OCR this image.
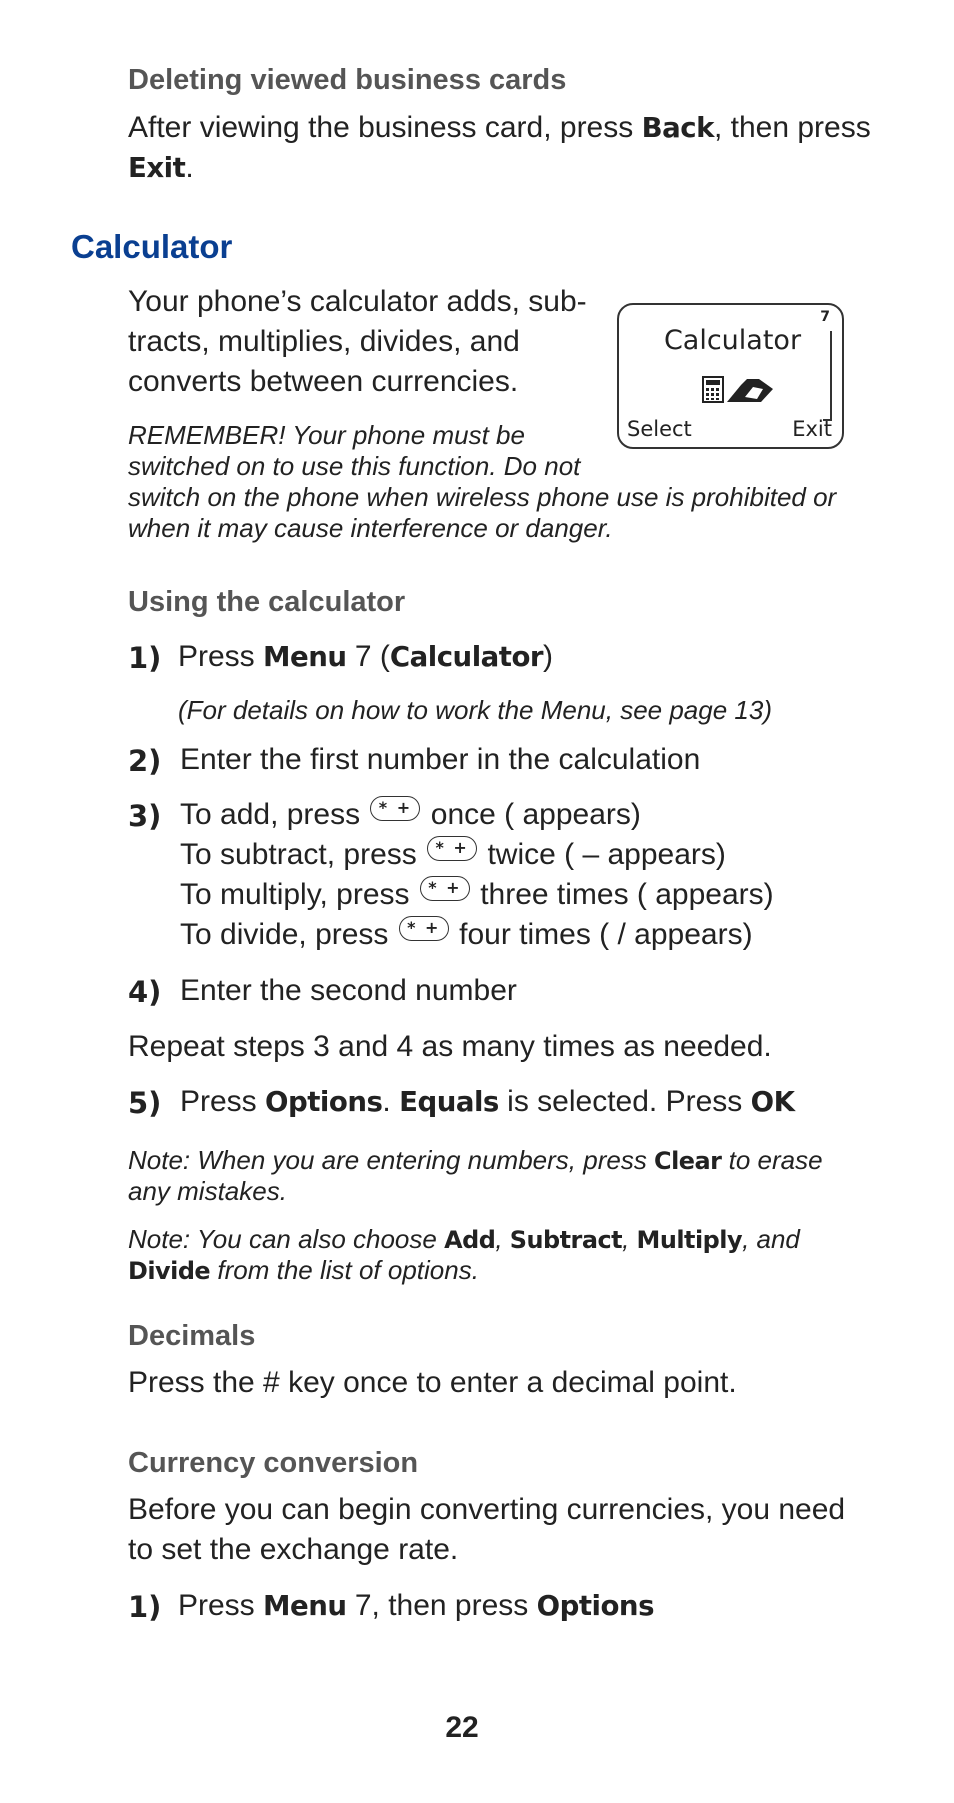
Deleting viewed business cards
After viewing the business card, press Back, then press
Exit.
Calculator
Your phone’s calculator adds, sub-
tracts, multiplies, divides, and
converts between currencies.
7
Calculator
Select	Exit
REMEMBER! Your phone must be
switched on to use this function. Do not
switch on the phone when wireless phone use is prohibited or
when it may cause interference or danger.
Using the calculator
1) Press Menu 7 (Calculator)
(For details on how to work the Menu, see page 13)
2) Enter the first number in the calculation
3) To add, press * + once ( appears)
To subtract, press * + twice ( – appears)
To multiply, press * + three times ( appears)
To divide, press * + four times ( / appears)
4) Enter the second number
Repeat steps 3 and 4 as many times as needed.
5) Press Options. Equals is selected. Press OK
Note: When you are entering numbers, press Clear to erase
any mistakes.
Note: You can also choose Add, Subtract, Multiply, and
Divide from the list of options.
Decimals
Press the # key once to enter a decimal point.
Currency conversion
Before you can begin converting currencies, you need
to set the exchange rate.
1) Press Menu 7, then press Options
22
